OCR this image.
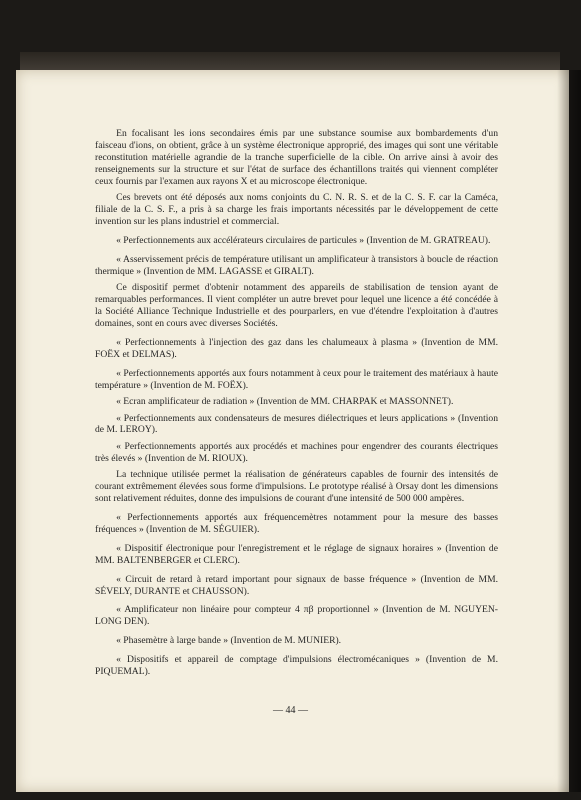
En focalisant les ions secondaires émis par une substance soumise aux bombardements d'un faisceau d'ions, on obtient, grâce à un système électronique approprié, des images qui sont une véritable reconstitution matérielle agrandie de la tranche superficielle de la cible. On arrive ainsi à avoir des renseignements sur la structure et sur l'état de surface des échantillons traités qui viennent compléter ceux fournis par l'examen aux rayons X et au microscope électronique.

Ces brevets ont été déposés aux noms conjoints du C. N. R. S. et de la C. S. F. car la Caméca, filiale de la C. S. F., a pris à sa charge les frais importants nécessités par le développement de cette invention sur les plans industriel et commercial.

« Perfectionnements aux accélérateurs circulaires de particules » (Invention de M. GRATREAU).

« Asservissement précis de température utilisant un amplificateur à transistors à boucle de réaction thermique » (Invention de MM. LAGASSE et GIRALT).

Ce dispositif permet d'obtenir notamment des appareils de stabilisation de tension ayant de remarquables performances. Il vient compléter un autre brevet pour lequel une licence a été concédée à la Société Alliance Technique Industrielle et des pourparlers, en vue d'étendre l'exploitation à d'autres domaines, sont en cours avec diverses Sociétés.

« Perfectionnements à l'injection des gaz dans les chalumeaux à plasma » (Invention de MM. FOËX et DELMAS).

« Perfectionnements apportés aux fours notamment à ceux pour le traitement des matériaux à haute température » (Invention de M. FOËX).

« Ecran amplificateur de radiation » (Invention de MM. CHARPAK et MASSONNET).

« Perfectionnements aux condensateurs de mesures diélectriques et leurs applications » (Invention de M. LEROY).

« Perfectionnements apportés aux procédés et machines pour engendrer des courants électriques très élevés » (Invention de M. RIOUX).

La technique utilisée permet la réalisation de générateurs capables de fournir des intensités de courant extrêmement élevées sous forme d'impulsions. Le prototype réalisé à Orsay dont les dimensions sont relativement réduites, donne des impulsions de courant d'une intensité de 500 000 ampères.

« Perfectionnements apportés aux fréquencemètres notamment pour la mesure des basses fréquences » (Invention de M. SÉGUIER).

« Dispositif électronique pour l'enregistrement et le réglage de signaux horaires » (Invention de MM. BALTENBERGER et CLERC).

« Circuit de retard à retard important pour signaux de basse fréquence » (Invention de MM. SÉVELY, DURANTE et CHAUSSON).

« Amplificateur non linéaire pour compteur 4 πβ proportionnel » (Invention de M. NGUYEN-LONG DEN).

« Phasemètre à large bande » (Invention de M. MUNIER).

« Dispositifs et appareil de comptage d'impulsions électromécaniques » (Invention de M. PIQUEMAL).

— 44 —
